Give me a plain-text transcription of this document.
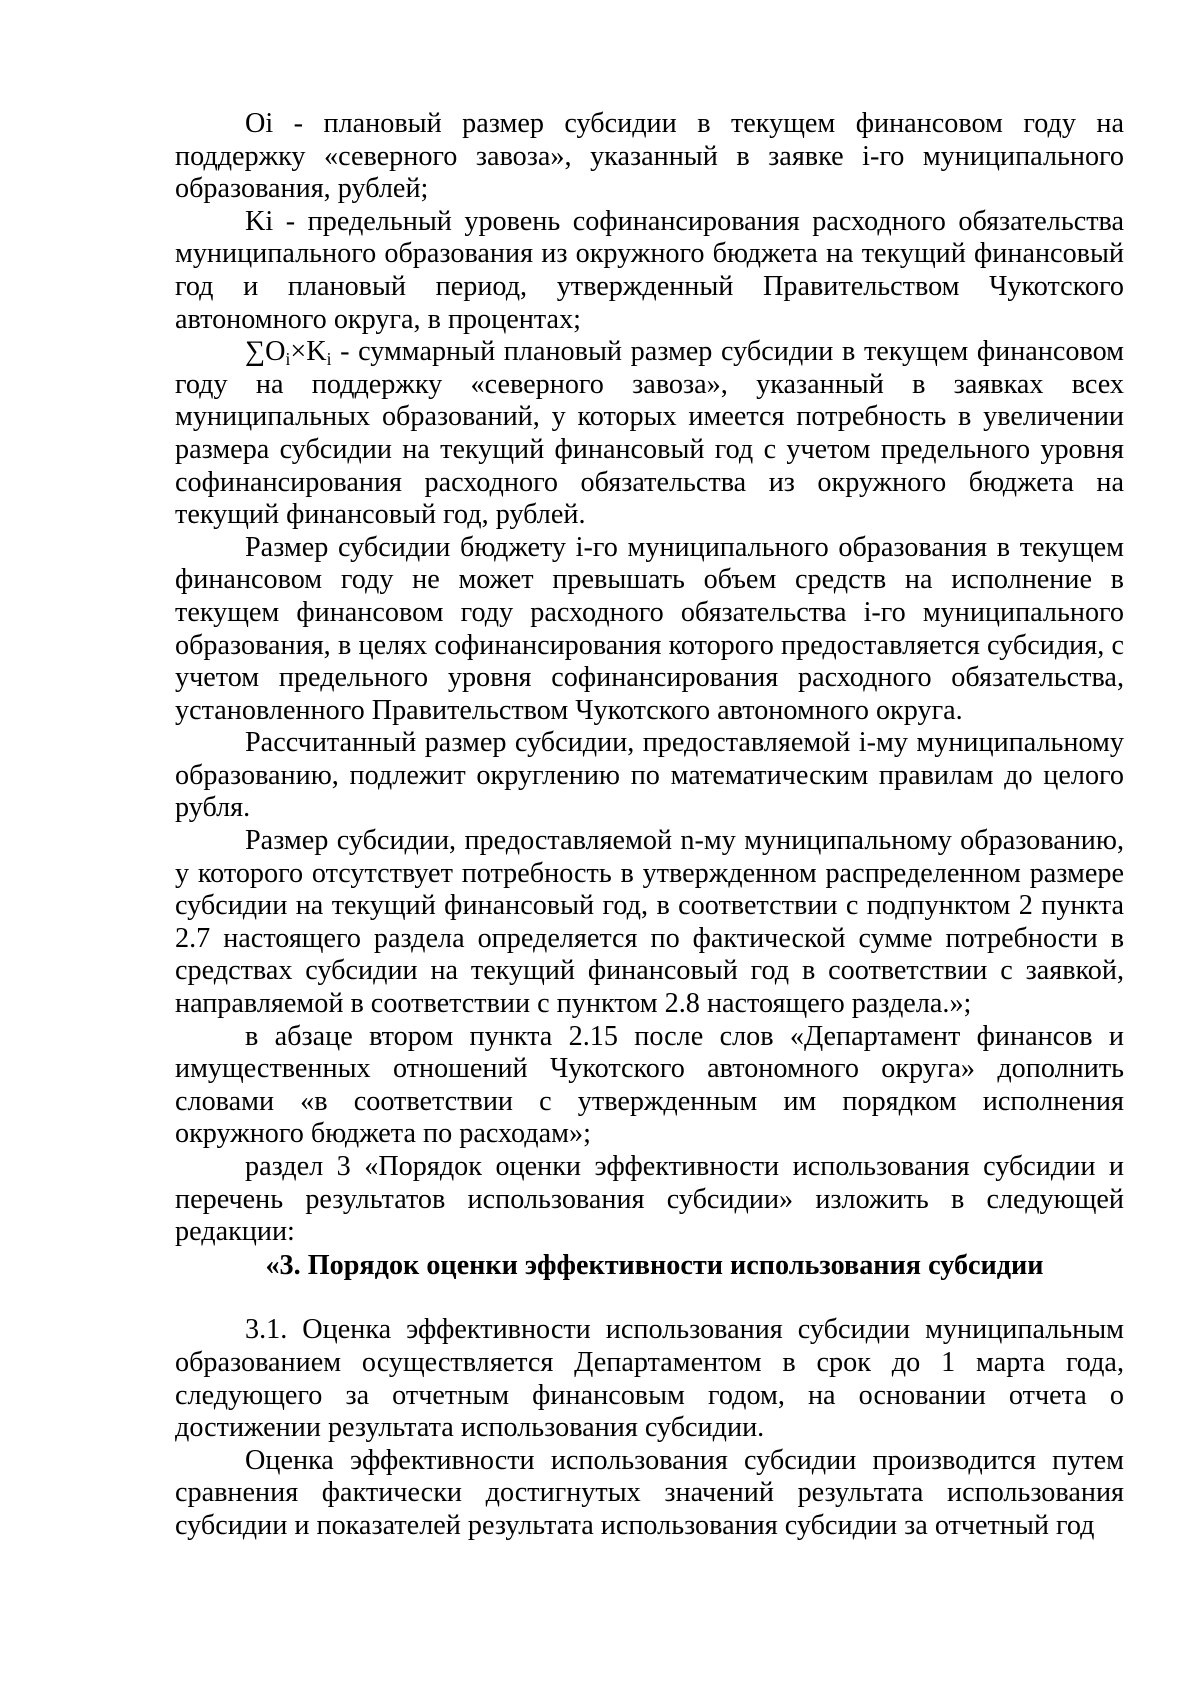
Oi - плановый размер субсидии в текущем финансовом году на поддержку «северного завоза», указанный в заявке i-го муниципального образования, рублей;

Ki - предельный уровень софинансирования расходного обязательства муниципального образования из окружного бюджета на текущий финансовый год и плановый период, утвержденный Правительством Чукотского автономного округа, в процентах;

$\sum O_i\times K_i$ - суммарный плановый размер субсидии в текущем финансовом году на поддержку «северного завоза», указанный в заявках всех муниципальных образований, у которых имеется потребность в увеличении размера субсидии на текущий финансовый год с учетом предельного уровня софинансирования расходного обязательства из окружного бюджета на текущий финансовый год, рублей.

Размер субсидии бюджету i-го муниципального образования в текущем финансовом году не может превышать объем средств на исполнение в текущем финансовом году расходного обязательства i-го муниципального образования, в целях софинансирования которого предоставляется субсидия, с учетом предельного уровня софинансирования расходного обязательства, установленного Правительством Чукотского автономного округа.

Рассчитанный размер субсидии, предоставляемой i-му муниципальному образованию, подлежит округлению по математическим правилам до целого рубля.

Размер субсидии, предоставляемой n-му муниципальному образованию, у которого отсутствует потребность в утвержденном распределенном размере субсидии на текущий финансовый год, в соответствии с подпунктом 2 пункта 2.7 настоящего раздела определяется по фактической сумме потребности в средствах субсидии на текущий финансовый год в соответствии с заявкой, направляемой в соответствии с пунктом 2.8 настоящего раздела.»;

в абзаце втором пункта 2.15 после слов «Департамент финансов и имущественных отношений Чукотского автономного округа» дополнить словами «в соответствии с утвержденным им порядком исполнения окружного бюджета по расходам»;

раздел 3 «Порядок оценки эффективности использования субсидии и перечень результатов использования субсидии» изложить в следующей редакции:

«3. Порядок оценки эффективности использования субсидии

3.1. Оценка эффективности использования субсидии муниципальным образованием осуществляется Департаментом в срок до 1 марта года, следующего за отчетным финансовым годом, на основании отчета о достижении результата использования субсидии.

Оценка эффективности использования субсидии производится путем сравнения фактически достигнутых значений результата использования субсидии и показателей результата использования субсидии за отчетный год
